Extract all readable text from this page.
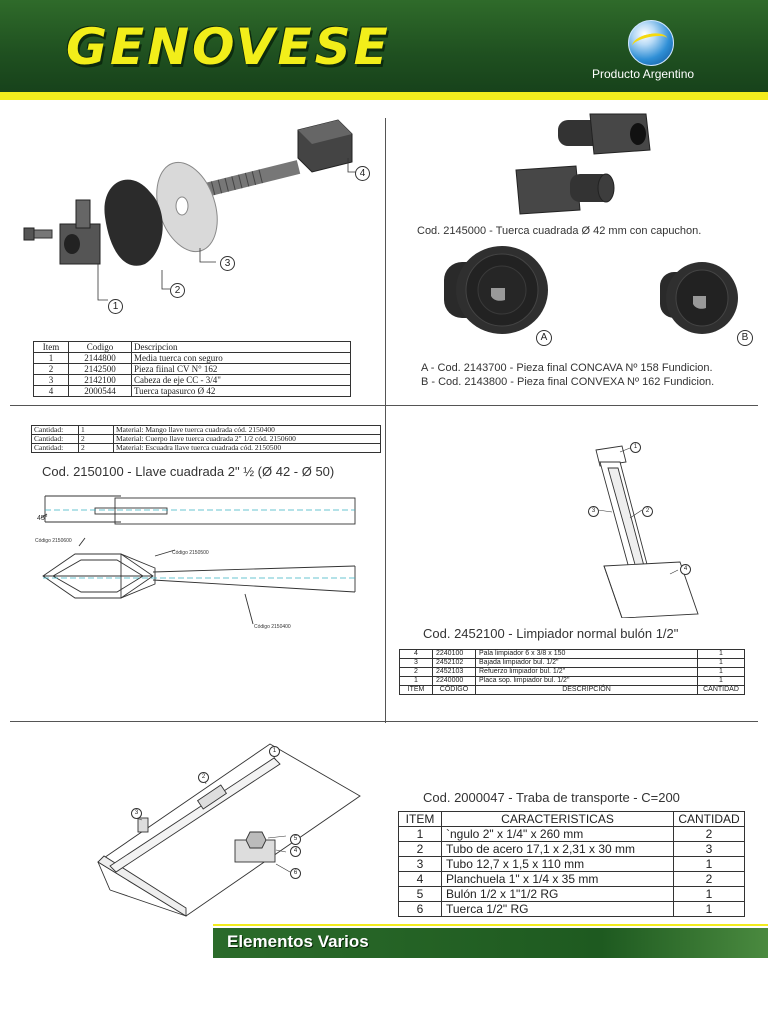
GENOVESE	Producto Argentino
1
2
3
4
Item	Codigo	Descripcion
1	2144800	Media tuerca con seguro
2	2142500	Pieza fiinal CV N° 162
3	2142100	Cabeza de eje CC - 3/4"
4	2000544	Tuerca tapasurco Ø 42
Cod. 2145000 - Tuerca cuadrada Ø 42 mm con capuchon.
A	B
A - Cod. 2143700 - Pieza final CONCAVA Nº 158 Fundicion.
B - Cod. 2143800 - Pieza final CONVEXA Nº 162 Fundicion.
Cantidad:	1	Material: Mango llave tuerca cuadrada cód. 2150400
Cantidad:	2	Material: Cuerpo llave tuerca cuadrada 2" 1/2 cód. 2150600
Cantidad:	2	Material: Escuadra llave tuerca cuadrada cód. 2150500
Cod. 2150100 - Llave cuadrada 2" ½ (Ø 42 - Ø 50)
45°
Código 2150600
Código 2150500
Código 2150400
1
2
3
4
Cod. 2452100 - Limpiador normal bulón 1/2"
4	2240100	Pala limpiador 6 x 3/8 x 150	1
3	2452102	Bajada limpiador bul. 1/2"	1
2	2452103	Refuerzo limpiador bul. 1/2"	1
1	2240000	Placa sop. limpiador bul. 1/2"	1
ITEM	CÓDIGO	DESCRIPCIÓN	CANTIDAD
1
2
3
4
5
6
Cod. 2000047 - Traba de transporte - C=200
ITEM	CARACTERISTICAS	CANTIDAD
1	`ngulo 2" x 1/4" x 260 mm	2
2	Tubo de acero 17,1 x 2,31 x 30 mm	3
3	Tubo 12,7 x 1,5 x 110 mm	1
4	Planchuela 1" x 1/4 x 35 mm	2
5	Bulón 1/2 x 1"1/2 RG	1
6	Tuerca 1/2" RG	1
Elementos Varios
